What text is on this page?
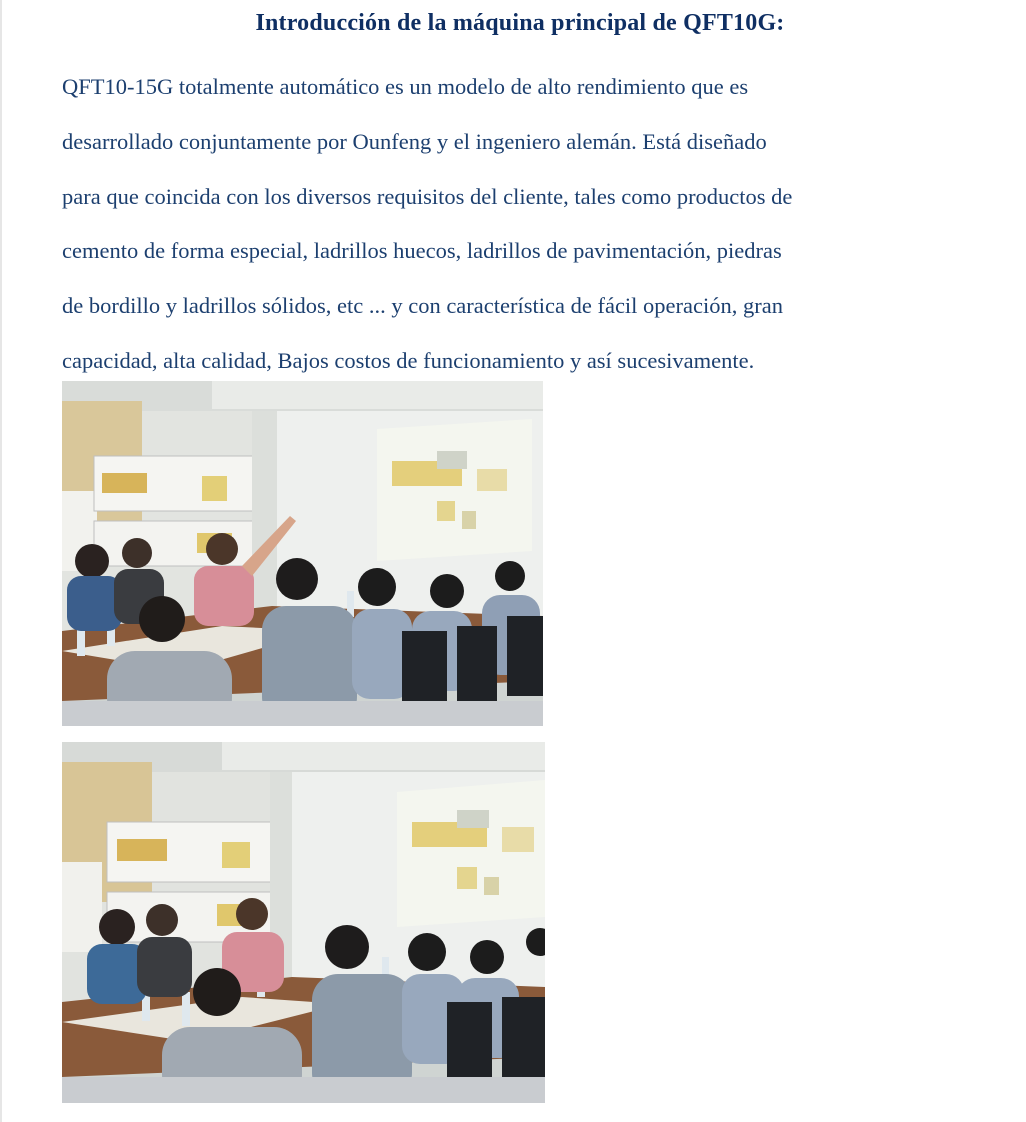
Introducción de la máquina principal de QFT10G:
QFT10-15G totalmente automático es un modelo de alto rendimiento que es
desarrollado conjuntamente por Ounfeng y el ingeniero alemán. Está diseñado
para que coincida con los diversos requisitos del cliente, tales como productos de
cemento de forma especial, ladrillos huecos, ladrillos de pavimentación, piedras
de bordillo y ladrillos sólidos, etc ... y con característica de fácil operación, gran
capacidad, alta calidad, Bajos costos de funcionamiento y así sucesivamente.
